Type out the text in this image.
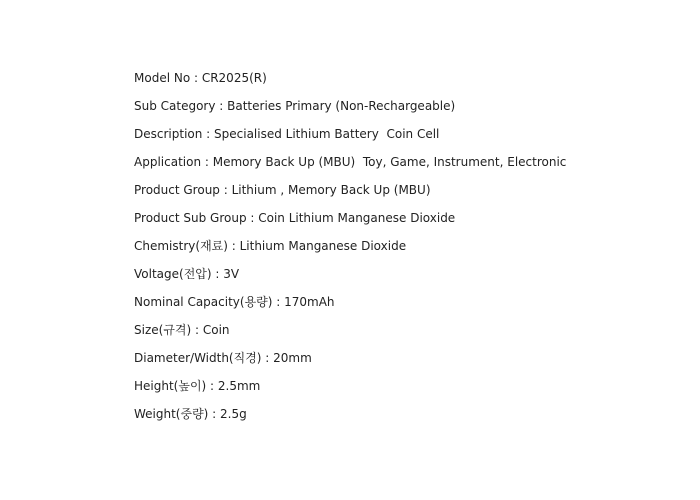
Model No : CR2025(R)
Sub Category : Batteries Primary (Non-Rechargeable)
Description : Specialised Lithium Battery  Coin Cell
Application : Memory Back Up (MBU)  Toy, Game, Instrument, Electronic
Product Group : Lithium , Memory Back Up (MBU)
Product Sub Group : Coin Lithium Manganese Dioxide
Chemistry(재료) : Lithium Manganese Dioxide
Voltage(전압) : 3V
Nominal Capacity(용량) : 170mAh
Size(규격) : Coin
Diameter/Width(직경) : 20mm
Height(높이) : 2.5mm
Weight(중량) : 2.5g
